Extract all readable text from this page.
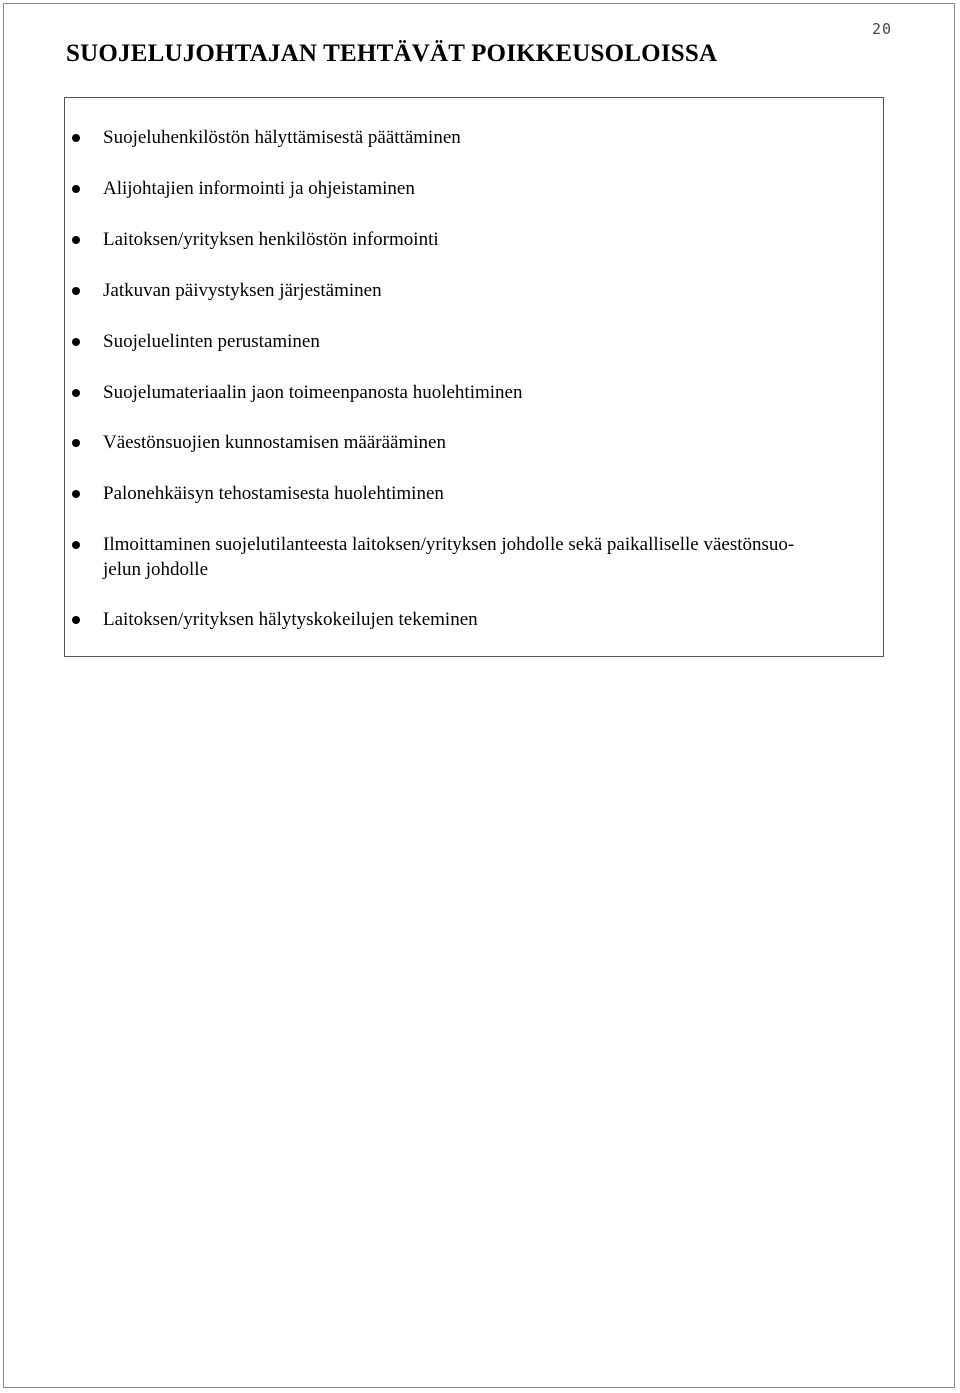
20
SUOJELUJOHTAJAN TEHTÄVÄT POIKKEUSOLOISSA
Suojeluhenkilöstön hälyttämisestä päättäminen
Alijohtajien informointi ja ohjeistaminen
Laitoksen/yrityksen henkilöstön informointi
Jatkuvan päivystyksen järjestäminen
Suojeluelinten perustaminen
Suojelumateriaalin jaon toimeenpanosta huolehtiminen
Väestönsuojien kunnostamisen määrääminen
Palonehkäisyn tehostamisesta huolehtiminen
Ilmoittaminen suojelutilanteesta laitoksen/yrityksen johdolle sekä paikalliselle väestönsuo-
jelun johdolle
Laitoksen/yrityksen hälytyskokeilujen tekeminen
